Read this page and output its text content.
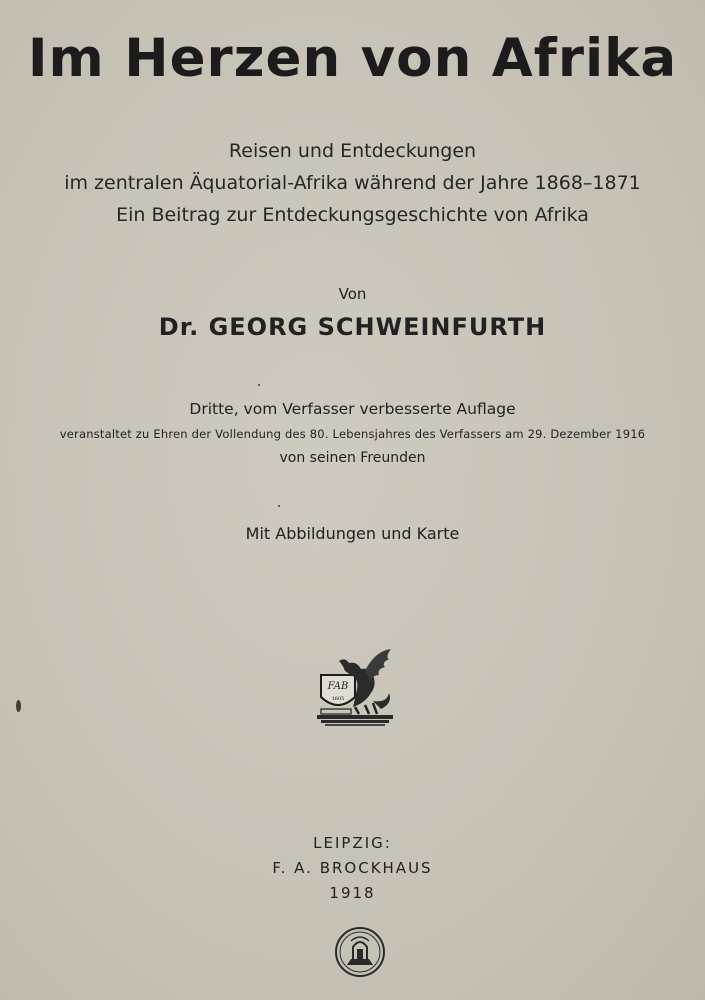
Im Herzen von Afrika
Reisen und Entdeckungen
im zentralen Äquatorial-Afrika während der Jahre 1868–1871
Ein Beitrag zur Entdeckungsgeschichte von Afrika
Von
Dr. GEORG SCHWEINFURTH
Dritte, vom Verfasser verbesserte Auflage
veranstaltet zu Ehren der Vollendung des 80. Lebensjahres des Verfassers am 29. Dezember 1916
von seinen Freunden
Mit Abbildungen und Karte
FAB
1805
LEIPZIG:
F. A. BROCKHAUS
1918
